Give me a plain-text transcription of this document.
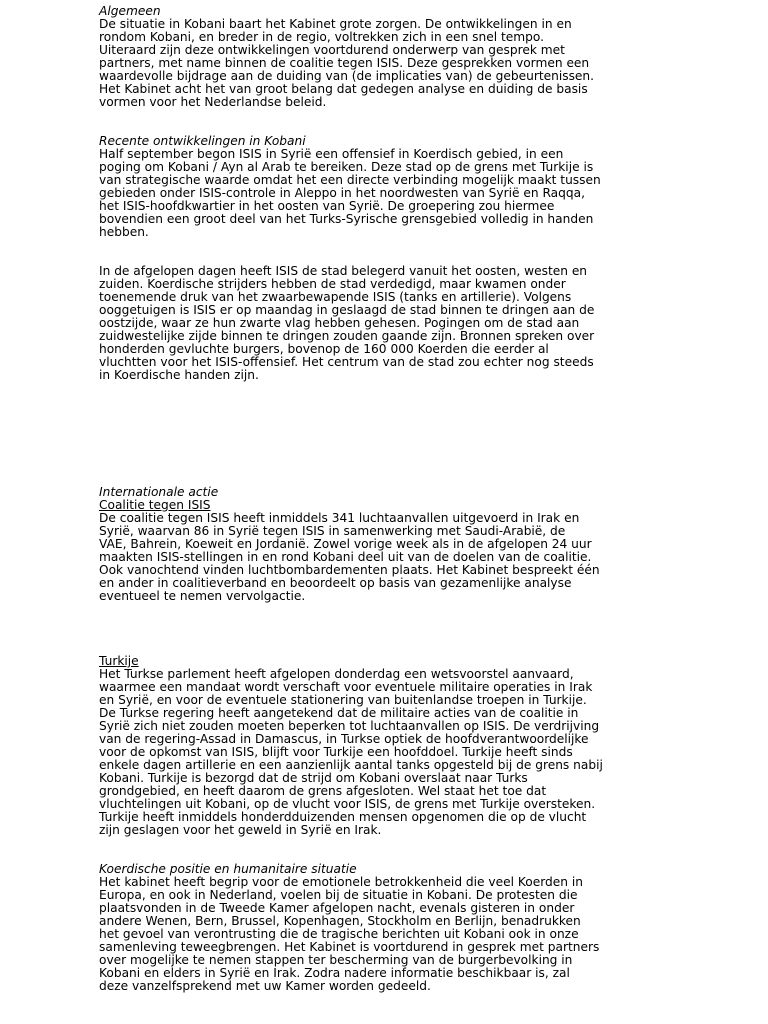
Algemeen
De situatie in Kobani baart het Kabinet grote zorgen. De ontwikkelingen in en
rondom Kobani, en breder in de regio, voltrekken zich in een snel tempo.
Uiteraard zijn deze ontwikkelingen voortdurend onderwerp van gesprek met
partners, met name binnen de coalitie tegen ISIS. Deze gesprekken vormen een
waardevolle bijdrage aan de duiding van (de implicaties van) de gebeurtenissen.
Het Kabinet acht het van groot belang dat gedegen analyse en duiding de basis
vormen voor het Nederlandse beleid.
Recente ontwikkelingen in Kobani
Half september begon ISIS in Syrië een offensief in Koerdisch gebied, in een
poging om Kobani / Ayn al Arab te bereiken. Deze stad op de grens met Turkije is
van strategische waarde omdat het een directe verbinding mogelijk maakt tussen
gebieden onder ISIS-controle in Aleppo in het noordwesten van Syrië en Raqqa,
het ISIS-hoofdkwartier in het oosten van Syrië. De groepering zou hiermee
bovendien een groot deel van het Turks-Syrische grensgebied volledig in handen
hebben.
In de afgelopen dagen heeft ISIS de stad belegerd vanuit het oosten, westen en
zuiden. Koerdische strijders hebben de stad verdedigd, maar kwamen onder
toenemende druk van het zwaarbewapende ISIS (tanks en artillerie). Volgens
ooggetuigen is ISIS er op maandag in geslaagd de stad binnen te dringen aan de
oostzijde, waar ze hun zwarte vlag hebben gehesen. Pogingen om de stad aan
zuidwestelijke zijde binnen te dringen zouden gaande zijn. Bronnen spreken over
honderden gevluchte burgers, bovenop de 160 000 Koerden die eerder al
vluchtten voor het ISIS-offensief. Het centrum van de stad zou echter nog steeds
in Koerdische handen zijn.
Internationale actie
Coalitie tegen ISIS
De coalitie tegen ISIS heeft inmiddels 341 luchtaanvallen uitgevoerd in Irak en
Syrië, waarvan 86 in Syrië tegen ISIS in samenwerking met Saudi-Arabië, de
VAE, Bahrein, Koeweit en Jordanië. Zowel vorige week als in de afgelopen 24 uur
maakten ISIS-stellingen in en rond Kobani deel uit van de doelen van de coalitie.
Ook vanochtend vinden luchtbombardementen plaats. Het Kabinet bespreekt één
en ander in coalitieverband en beoordeelt op basis van gezamenlijke analyse
eventueel te nemen vervolgactie.
Turkije
Het Turkse parlement heeft afgelopen donderdag een wetsvoorstel aanvaard,
waarmee een mandaat wordt verschaft voor eventuele militaire operaties in Irak
en Syrië, en voor de eventuele stationering van buitenlandse troepen in Turkije.
De Turkse regering heeft aangetekend dat de militaire acties van de coalitie in
Syrië zich niet zouden moeten beperken tot luchtaanvallen op ISIS. De verdrijving
van de regering-Assad in Damascus, in Turkse optiek de hoofdverantwoordelijke
voor de opkomst van ISIS, blijft voor Turkije een hoofddoel. Turkije heeft sinds
enkele dagen artillerie en een aanzienlijk aantal tanks opgesteld bij de grens nabij
Kobani. Turkije is bezorgd dat de strijd om Kobani overslaat naar Turks
grondgebied, en heeft daarom de grens afgesloten. Wel staat het toe dat
vluchtelingen uit Kobani, op de vlucht voor ISIS, de grens met Turkije oversteken.
Turkije heeft inmiddels honderdduizenden mensen opgenomen die op de vlucht
zijn geslagen voor het geweld in Syrië en Irak.
Koerdische positie en humanitaire situatie
Het kabinet heeft begrip voor de emotionele betrokkenheid die veel Koerden in
Europa, en ook in Nederland, voelen bij de situatie in Kobani. De protesten die
plaatsvonden in de Tweede Kamer afgelopen nacht, evenals gisteren in onder
andere Wenen, Bern, Brussel, Kopenhagen, Stockholm en Berlijn, benadrukken
het gevoel van verontrusting die de tragische berichten uit Kobani ook in onze
samenleving teweegbrengen. Het Kabinet is voortdurend in gesprek met partners
over mogelijke te nemen stappen ter bescherming van de burgerbevolking in
Kobani en elders in Syrië en Irak. Zodra nadere informatie beschikbaar is, zal
deze vanzelfsprekend met uw Kamer worden gedeeld.
